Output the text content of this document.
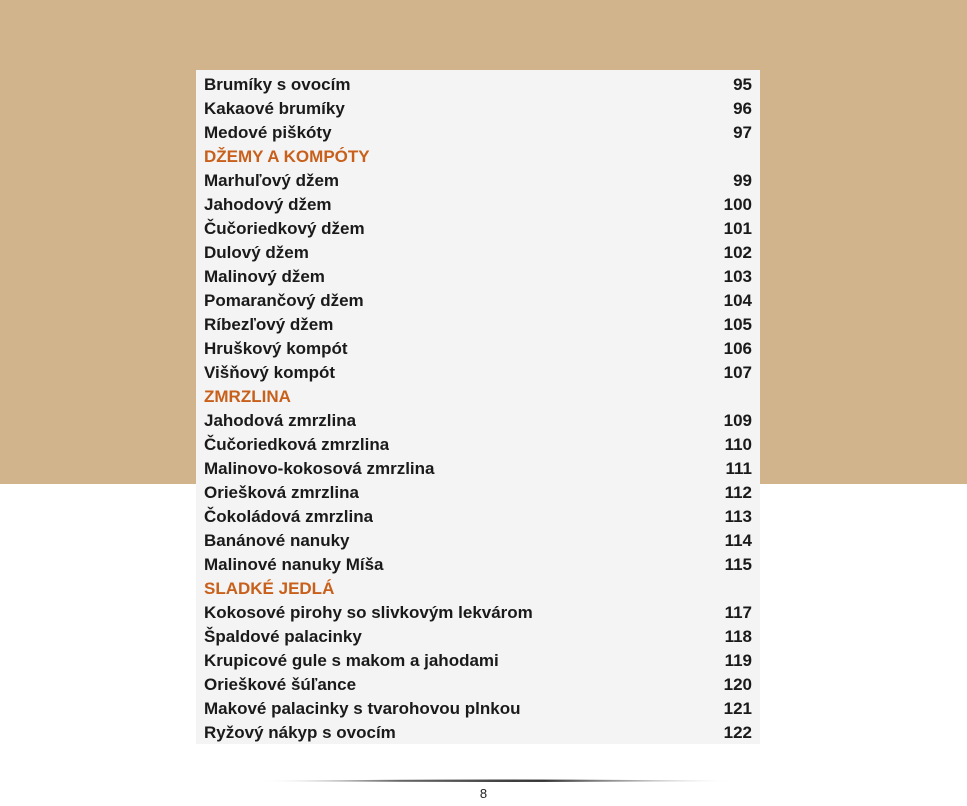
Brumíky s ovocím	95
Kakaové brumíky	96
Medové piškóty	97
DŽEMY A KOMPÓTY
Marhuľový džem	99
Jahodový džem	100
Čučoriedkový džem	101
Dulový džem	102
Malinový džem	103
Pomarančový džem	104
Ríbezľový džem	105
Hruškový kompót	106
Višňový kompót	107
ZMRZLINA
Jahodová zmrzlina	109
Čučoriedková zmrzlina	110
Malinovo-kokosová zmrzlina	111
Oriešková zmrzlina	112
Čokoládová zmrzlina	113
Banánové nanuky	114
Malinové nanuky Míša	115
SLADKÉ JEDLÁ
Kokosové pirohy so slivkovým lekvárom	117
Špaldové palacinky	118
Krupicové gule s makom a jahodami	119
Orieškové šúľance	120
Makové palacinky s tvarohovou plnkou	121
Ryžový nákyp s ovocím	122
8
